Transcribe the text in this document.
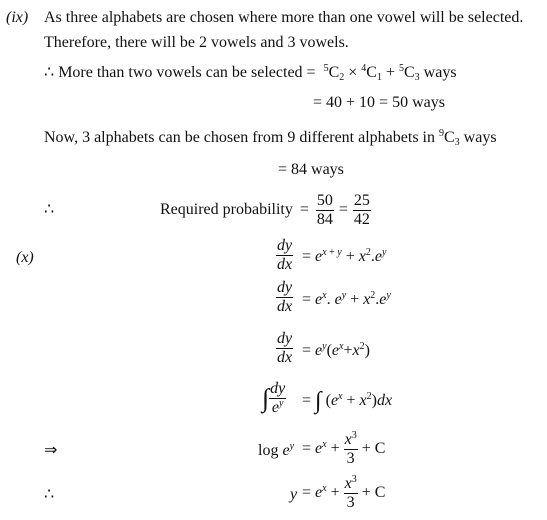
(ix) As three alphabets are chosen where more than one vowel will be selected.
Therefore, there will be 2 vowels and 3 vowels.
∴ More than two vowels can be selected = $^5C_2 \times ^4C_1 + ^5C_3$ ways
= 40 + 10 = 50 ways
Now, 3 alphabets can be chosen from 9 different alphabets in $^9C_3$ ways
= 84 ways
∴	Required probability = $\frac{50}{84} = \frac{25}{42}$
(x)	$\frac{dy}{dx} = e^{x + y} + x^2.e^y$
$\frac{dy}{dx} = e^x$. $e^y + x^2.e^y$
$\frac{dy}{dx} = e^y(e^x+x^2)$
∫ $\frac{dy}{e^y}$ = ∫ $(e^x + x^2)dx$
⇒	$\log e^y = e^x + \frac{x^3}{3} + C$
∴	$y = e^x + \frac{x^3}{3} + C$
